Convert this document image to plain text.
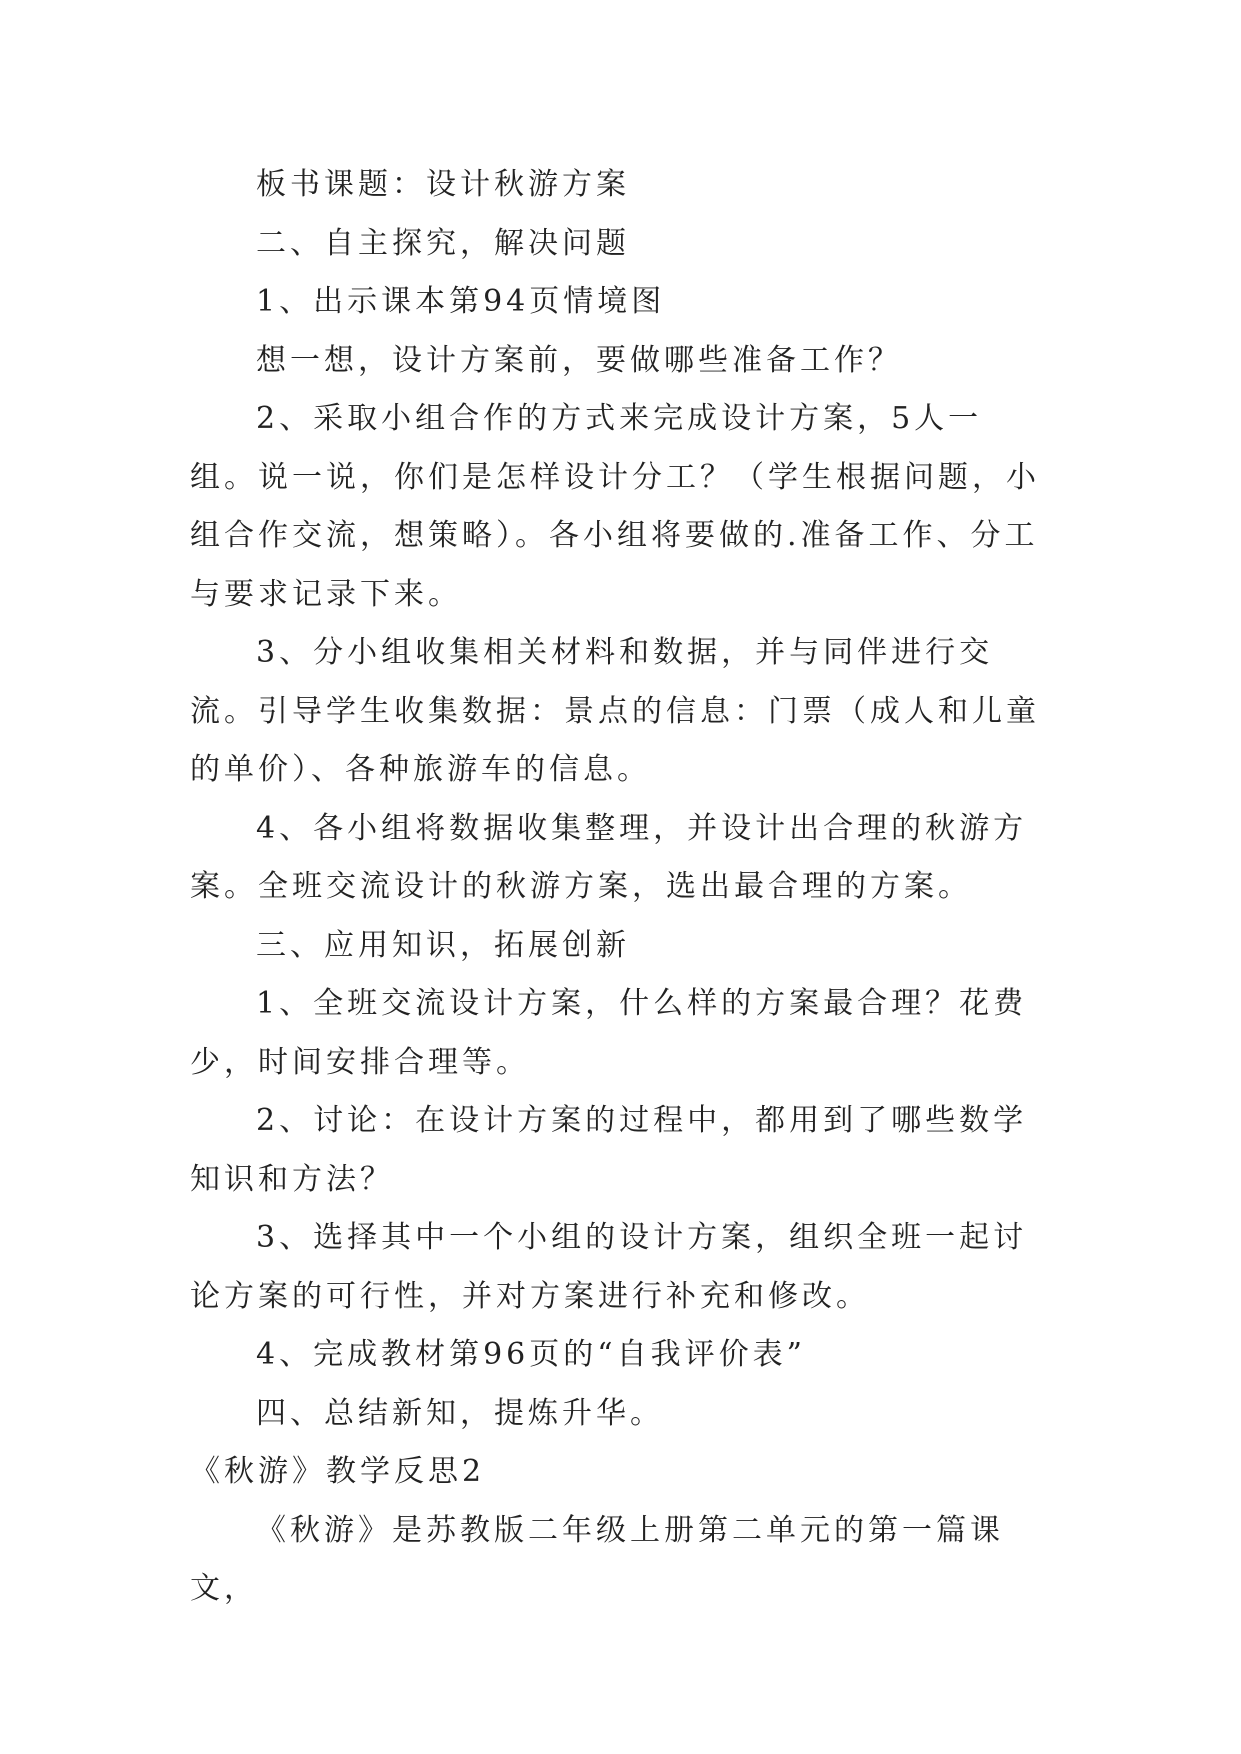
板书课题：设计秋游方案

二、自主探究，解决问题

1、出示课本第94页情境图

想一想，设计方案前，要做哪些准备工作？

2、采取小组合作的方式来完成设计方案，5人一组。说一说，你们是怎样设计分工？（学生根据问题，小组合作交流，想策略）。各小组将要做的.准备工作、分工与要求记录下来。

3、分小组收集相关材料和数据，并与同伴进行交流。引导学生收集数据：景点的信息：门票（成人和儿童的单价）、各种旅游车的信息。

4、各小组将数据收集整理，并设计出合理的秋游方案。全班交流设计的秋游方案，选出最合理的方案。

三、应用知识，拓展创新

1、全班交流设计方案，什么样的方案最合理？花费少，时间安排合理等。

2、讨论：在设计方案的过程中，都用到了哪些数学知识和方法？

3、选择其中一个小组的设计方案，组织全班一起讨论方案的可行性，并对方案进行补充和修改。

4、完成教材第96页的“自我评价表”

四、总结新知，提炼升华。

《秋游》教学反思2

《秋游》是苏教版二年级上册第二单元的第一篇课文，
